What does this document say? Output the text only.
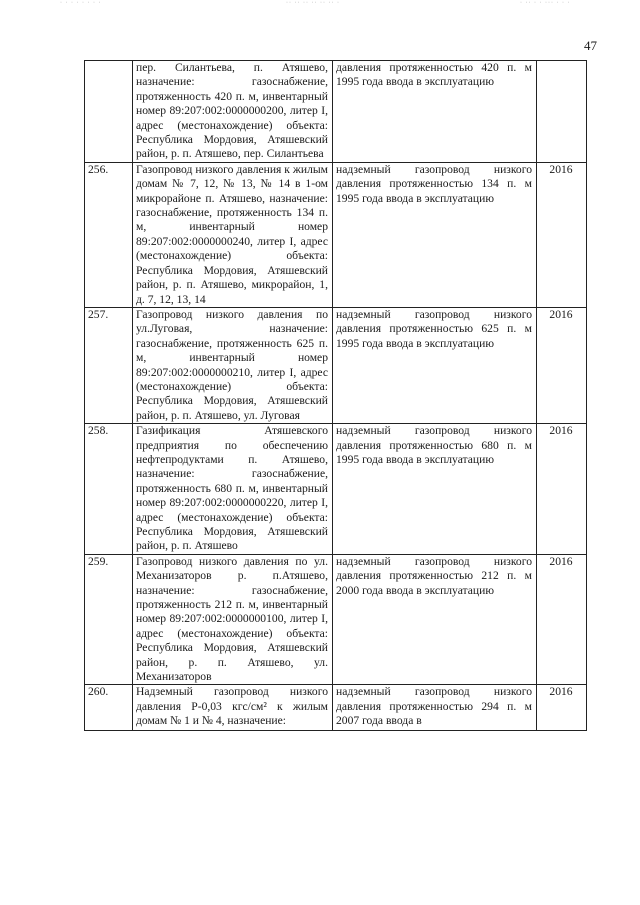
· · · · · · · ·	·· ·· ·· ·· ·· ·· ·	· ·· · · ··· · · ·
47
	пер. Силантьева, п. Атяшево, назначение: газоснабжение, протяженность 420 п. м, инвентарный номер 89:207:002:0000000200, литер I, адрес (местонахождение) объекта: Республика Мордовия, Атяшевский район, р. п. Атяшево, пер. Силантьева	давления протяженностью 420 п. м 1995 года ввода в эксплуатацию	
256.	Газопровод низкого давления к жилым домам № 7, 12, № 13, № 14 в 1-ом микрорайоне п. Атяшево, назначение: газоснабжение, протяженность 134 п. м, инвентарный номер 89:207:002:0000000240, литер I, адрес (местонахождение) объекта: Республика Мордовия, Атяшевский район, р. п. Атяшево, микрорайон, 1, д. 7, 12, 13, 14	надземный газопровод низкого давления протяженностью 134 п. м 1995 года ввода в эксплуатацию	2016
257.	Газопровод низкого давления по ул.Луговая, назначение: газоснабжение, протяженность 625 п. м, инвентарный номер 89:207:002:0000000210, литер I, адрес (местонахождение) объекта: Республика Мордовия, Атяшевский район, р. п. Атяшево, ул. Луговая	надземный газопровод низкого давления протяженностью 625 п. м 1995 года ввода в эксплуатацию	2016
258.	Газификация Атяшевского предприятия по обеспечению нефтепродуктами п. Атяшево, назначение: газоснабжение, протяженность 680 п. м, инвентарный номер 89:207:002:0000000220, литер I, адрес (местонахождение) объекта: Республика Мордовия, Атяшевский район, р. п. Атяшево	надземный газопровод низкого давления протяженностью 680 п. м 1995 года ввода в эксплуатацию	2016
259.	Газопровод низкого давления по ул. Механизаторов р. п.Атяшево, назначение: газоснабжение, протяженность 212 п. м, инвентарный номер 89:207:002:0000000100, литер I, адрес (местонахождение) объекта: Республика Мордовия, Атяшевский район, р. п. Атяшево, ул. Механизаторов	надземный газопровод низкого давления протяженностью 212 п. м 2000 года ввода в эксплуатацию	2016
260.	Надземный газопровод низкого давления P-0,03 кгс/см² к жилым домам № 1 и № 4, назначение:	надземный газопровод низкого давления протяженностью 294 п. м 2007 года ввода в	2016
